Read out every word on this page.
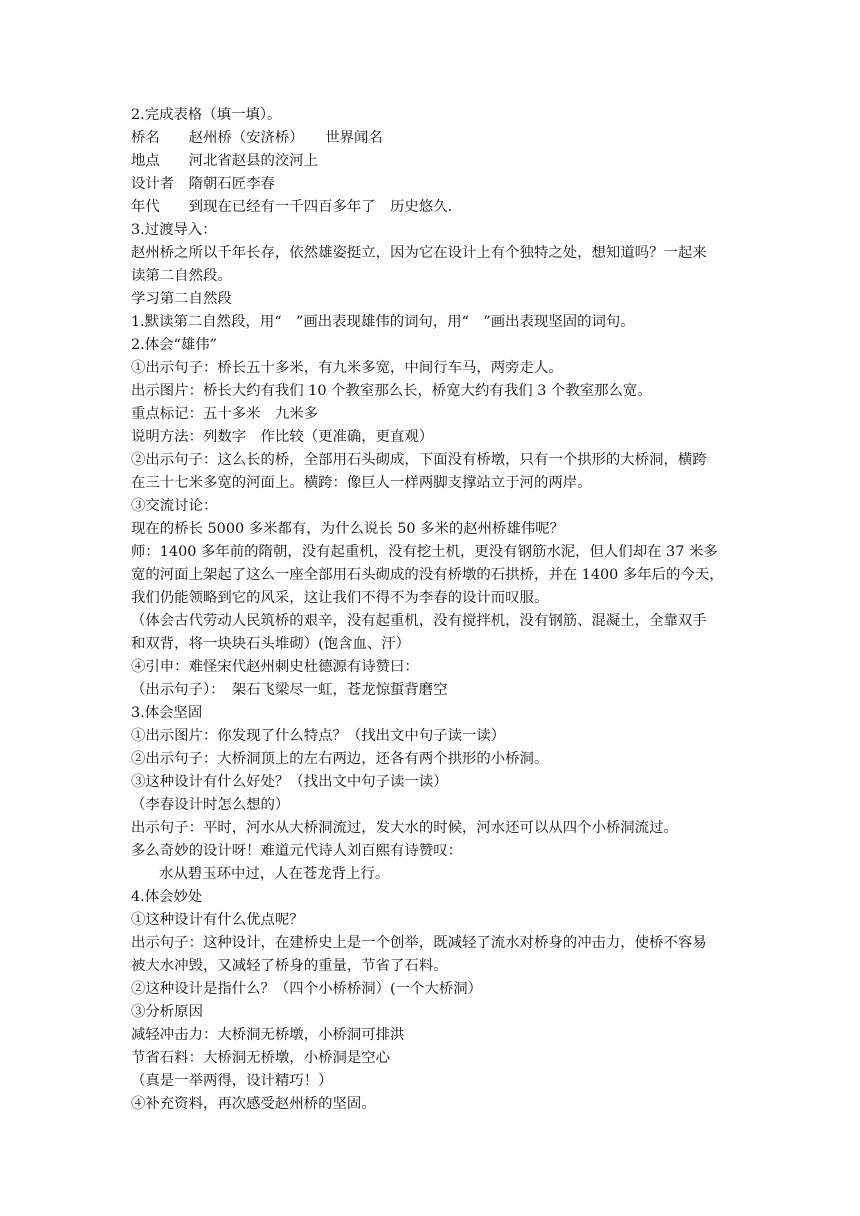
2.完成表格（填一填）。
桥名　　赵州桥（安济桥）　　世界闻名
地点　　河北省赵县的洨河上
设计者　隋朝石匠李春
年代　　到现在已经有一千四百多年了　历史悠久.
3.过渡导入：
赵州桥之所以千年长存，依然雄姿挺立，因为它在设计上有个独特之处，想知道吗？一起来
读第二自然段。
学习第二自然段
1.默读第二自然段，用“　”画出表现雄伟的词句，用“　”画出表现坚固的词句。
2.体会“雄伟”
①出示句子：桥长五十多米，有九米多宽，中间行车马，两旁走人。
出示图片：桥长大约有我们 10 个教室那么长，桥宽大约有我们 3 个教室那么宽。
重点标记：五十多米　九米多
说明方法：列数字　作比较（更准确，更直观）
②出示句子：这么长的桥，全部用石头砌成，下面没有桥墩，只有一个拱形的大桥洞，横跨
在三十七米多宽的河面上。横跨：像巨人一样两脚支撑站立于河的两岸。
③交流讨论：
现在的桥长 5000 多米都有，为什么说长 50 多米的赵州桥雄伟呢？
师：1400 多年前的隋朝，没有起重机，没有挖土机，更没有钢筋水泥，但人们却在 37 米多
宽的河面上架起了这么一座全部用石头砌成的没有桥墩的石拱桥，并在 1400 多年后的今天，
我们仍能领略到它的风采，这让我们不得不为李春的设计而叹服。
（体会古代劳动人民筑桥的艰辛，没有起重机，没有搅拌机，没有钢筋、混凝土，全靠双手
和双背，将一块块石头堆砌）(饱含血、汗）
④引申：难怪宋代赵州刺史杜德源有诗赞曰：
（出示句子）：　架石飞梁尽一虹，苍龙惊蜇背磨空
3.体会坚固
①出示图片：你发现了什么特点？（找出文中句子读一读）
②出示句子：大桥洞顶上的左右两边，还各有两个拱形的小桥洞。
③这种设计有什么好处？（找出文中句子读一读）
（李春设计时怎么想的）
出示句子：平时，河水从大桥洞流过，发大水的时候，河水还可以从四个小桥洞流过。
多么奇妙的设计呀！难道元代诗人刘百熙有诗赞叹：
水从碧玉环中过，人在苍龙背上行。
4.体会妙处
①这种设计有什么优点呢？
出示句子：这种设计，在建桥史上是一个创举，既减轻了流水对桥身的冲击力，使桥不容易
被大水冲毁，又减轻了桥身的重量，节省了石料。
②这种设计是指什么？（四个小桥桥洞）(一个大桥洞）
③分析原因
减轻冲击力：大桥洞无桥墩，小桥洞可排洪
节省石料：大桥洞无桥墩，小桥洞是空心
（真是一举两得，设计精巧！）
④补充资料，再次感受赵州桥的坚固。
